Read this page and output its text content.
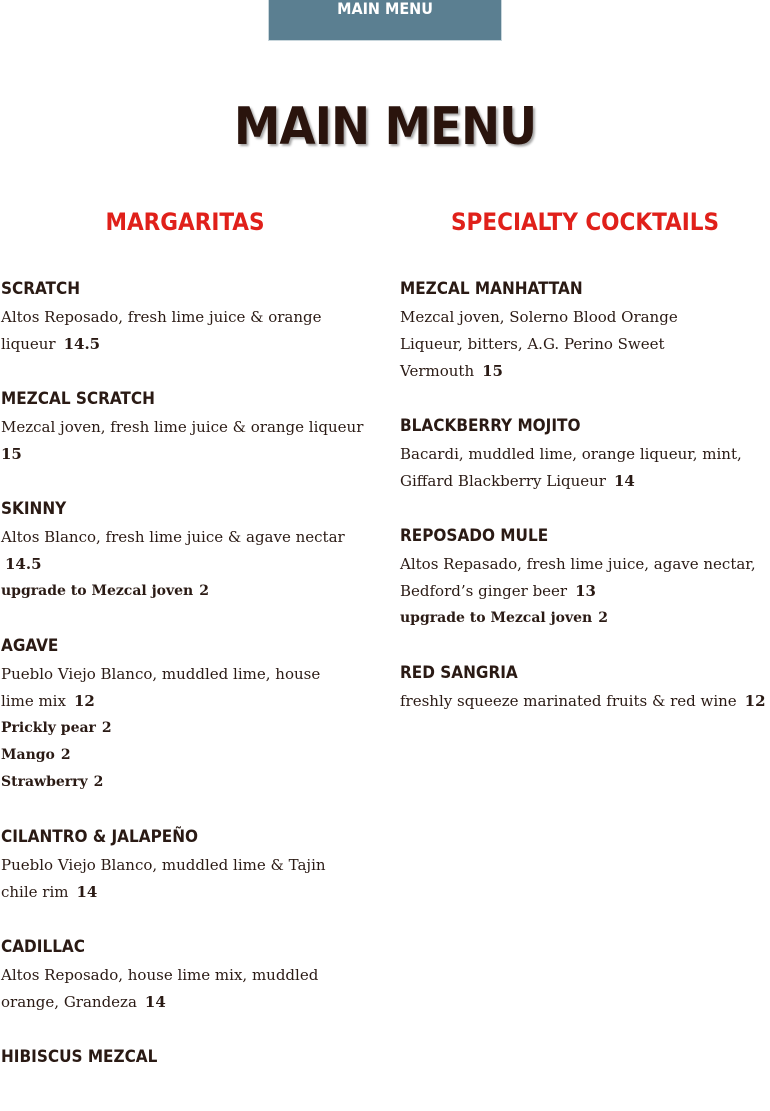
MAIN MENU
MAIN MENU
MARGARITAS
SCRATCH
Altos Reposado, fresh lime juice & orange liqueur 14.5
MEZCAL SCRATCH
Mezcal joven, fresh lime juice & orange liqueur
15
SKINNY
Altos Blanco, fresh lime juice & agave nectar
14.5
upgrade to Mezcal joven 2
AGAVE
Pueblo Viejo Blanco, muddled lime, house lime mix 12
Prickly pear 2
Mango 2
Strawberry 2
CILANTRO & JALAPEÑO
Pueblo Viejo Blanco, muddled lime & Tajin chile rim 14
CADILLAC
Altos Reposado, house lime mix, muddled orange, Grandeza 14
HIBISCUS MEZCAL
SPECIALTY COCKTAILS
MEZCAL MANHATTAN
Mezcal joven, Solerno Blood Orange Liqueur, bitters, A.G. Perino Sweet Vermouth 15
BLACKBERRY MOJITO
Bacardi, muddled lime, orange liqueur, mint, Giffard Blackberry Liqueur 14
REPOSADO MULE
Altos Repasado, fresh lime juice, agave nectar, Bedford’s ginger beer 13
upgrade to Mezcal joven 2
RED SANGRIA
freshly squeeze marinated fruits & red wine 12
